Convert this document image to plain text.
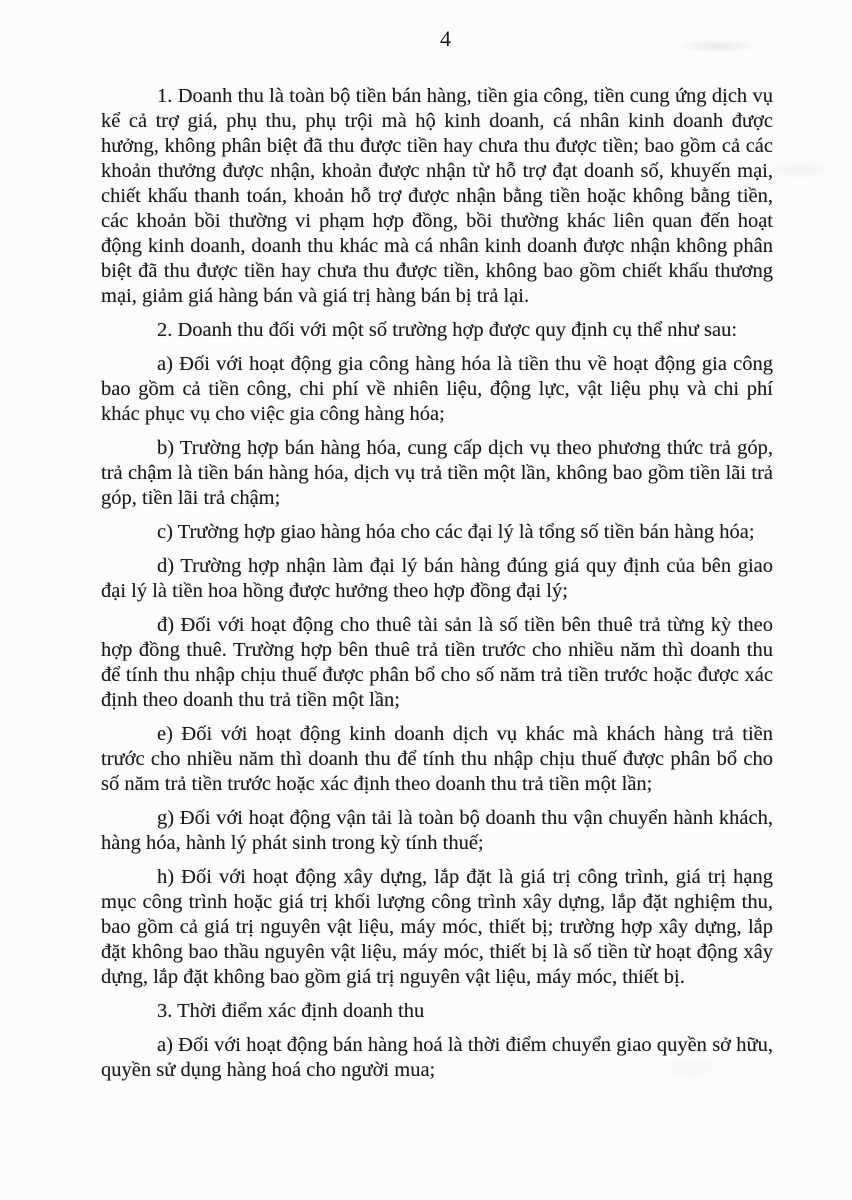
4

1. Doanh thu là toàn bộ tiền bán hàng, tiền gia công, tiền cung ứng dịch vụ kể cả trợ giá, phụ thu, phụ trội mà hộ kinh doanh, cá nhân kinh doanh được hưởng, không phân biệt đã thu được tiền hay chưa thu được tiền; bao gồm cả các khoản thưởng được nhận, khoản được nhận từ hỗ trợ đạt doanh số, khuyến mại, chiết khấu thanh toán, khoản hỗ trợ được nhận bằng tiền hoặc không bằng tiền, các khoản bồi thường vi phạm hợp đồng, bồi thường khác liên quan đến hoạt động kinh doanh, doanh thu khác mà cá nhân kinh doanh được nhận không phân biệt đã thu được tiền hay chưa thu được tiền, không bao gồm chiết khấu thương mại, giảm giá hàng bán và giá trị hàng bán bị trả lại.

2. Doanh thu đối với một số trường hợp được quy định cụ thể như sau:

a) Đối với hoạt động gia công hàng hóa là tiền thu về hoạt động gia công bao gồm cả tiền công, chi phí về nhiên liệu, động lực, vật liệu phụ và chi phí khác phục vụ cho việc gia công hàng hóa;

b) Trường hợp bán hàng hóa, cung cấp dịch vụ theo phương thức trả góp, trả chậm là tiền bán hàng hóa, dịch vụ trả tiền một lần, không bao gồm tiền lãi trả góp, tiền lãi trả chậm;

c) Trường hợp giao hàng hóa cho các đại lý là tổng số tiền bán hàng hóa;

d) Trường hợp nhận làm đại lý bán hàng đúng giá quy định của bên giao đại lý là tiền hoa hồng được hưởng theo hợp đồng đại lý;

đ) Đối với hoạt động cho thuê tài sản là số tiền bên thuê trả từng kỳ theo hợp đồng thuê. Trường hợp bên thuê trả tiền trước cho nhiều năm thì doanh thu để tính thu nhập chịu thuế được phân bổ cho số năm trả tiền trước hoặc được xác định theo doanh thu trả tiền một lần;

e) Đối với hoạt động kinh doanh dịch vụ khác mà khách hàng trả tiền trước cho nhiều năm thì doanh thu để tính thu nhập chịu thuế được phân bổ cho số năm trả tiền trước hoặc xác định theo doanh thu trả tiền một lần;

g) Đối với hoạt động vận tải là toàn bộ doanh thu vận chuyển hành khách, hàng hóa, hành lý phát sinh trong kỳ tính thuế;

h) Đối với hoạt động xây dựng, lắp đặt là giá trị công trình, giá trị hạng mục công trình hoặc giá trị khối lượng công trình xây dựng, lắp đặt nghiệm thu, bao gồm cả giá trị nguyên vật liệu, máy móc, thiết bị; trường hợp xây dựng, lắp đặt không bao thầu nguyên vật liệu, máy móc, thiết bị là số tiền từ hoạt động xây dựng, lắp đặt không bao gồm giá trị nguyên vật liệu, máy móc, thiết bị.

3. Thời điểm xác định doanh thu

a) Đối với hoạt động bán hàng hoá là thời điểm chuyển giao quyền sở hữu, quyền sử dụng hàng hoá cho người mua;
